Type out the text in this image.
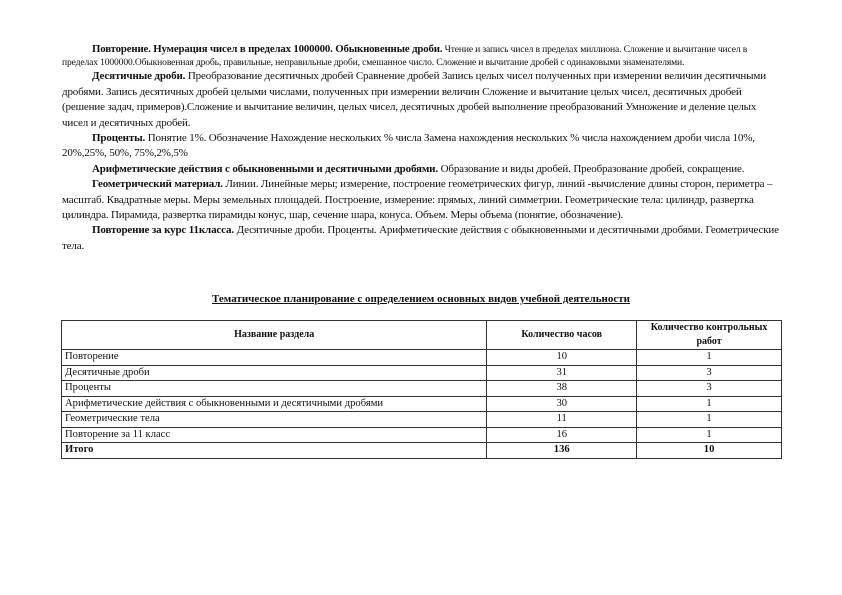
Повторение. Нумерация чисел в пределах 1000000. Обыкновенные дроби. Чтение и запись чисел в пределах миллиона. Сложение и вычитание чисел в пределах 1000000.Обыкновенная дробь, правильные, неправильные дроби, смешанное число. Сложение и вычитание дробей с одинаковыми знаменателями.

Десятичные дроби. Преобразование десятичных дробей Сравнение дробей Запись целых чисел полученных при измерении величин десятичными дробями. Запись десятичных дробей целыми числами, полученных при измерении величин Сложение и вычитание целых чисел, десятичных дробей (решение задач, примеров).Сложение и вычитание величин, целых чисел, десятичных дробей выполнение преобразований Умножение и деление целых чисел и десятичных дробей.

Проценты. Понятие 1%. Обозначение Нахождение нескольких % числа Замена нахождения нескольких % числа нахождением дроби числа 10%, 20%,25%, 50%, 75%,2%,5%

Арифметические действия с обыкновенными и десятичными дробями. Образование и виды дробей. Преобразование дробей, сокращение.

Геометрический материал. Линии. Линейные меры; измерение, построение геометрических фигур, линий -вычисление длины сторон, периметра –масштаб. Квадратные меры. Меры земельных площадей. Построение, измерение: прямых, линий симметрии. Геометрические тела: цилиндр, развертка цилиндра. Пирамида, развертка пирамиды конус, шар, сечение шара, конуса. Объем. Меры объема (понятие, обозначение).

Повторение за курс 11класса. Десятичные дроби. Проценты. Арифметические действия с обыкновенными и десятичными дробями. Геометрические тела.

Тематическое планирование с определением основных видов учебной деятельности
Название раздела	Количество часов	Количество контрольных работ
Повторение	10	1
Десятичные дроби	31	3
Проценты	38	3
Арифметические действия с обыкновенными и десятичными дробями	30	1
Геометрические тела	11	1
Повторение за 11 класс	16	1
Итого	136	10
